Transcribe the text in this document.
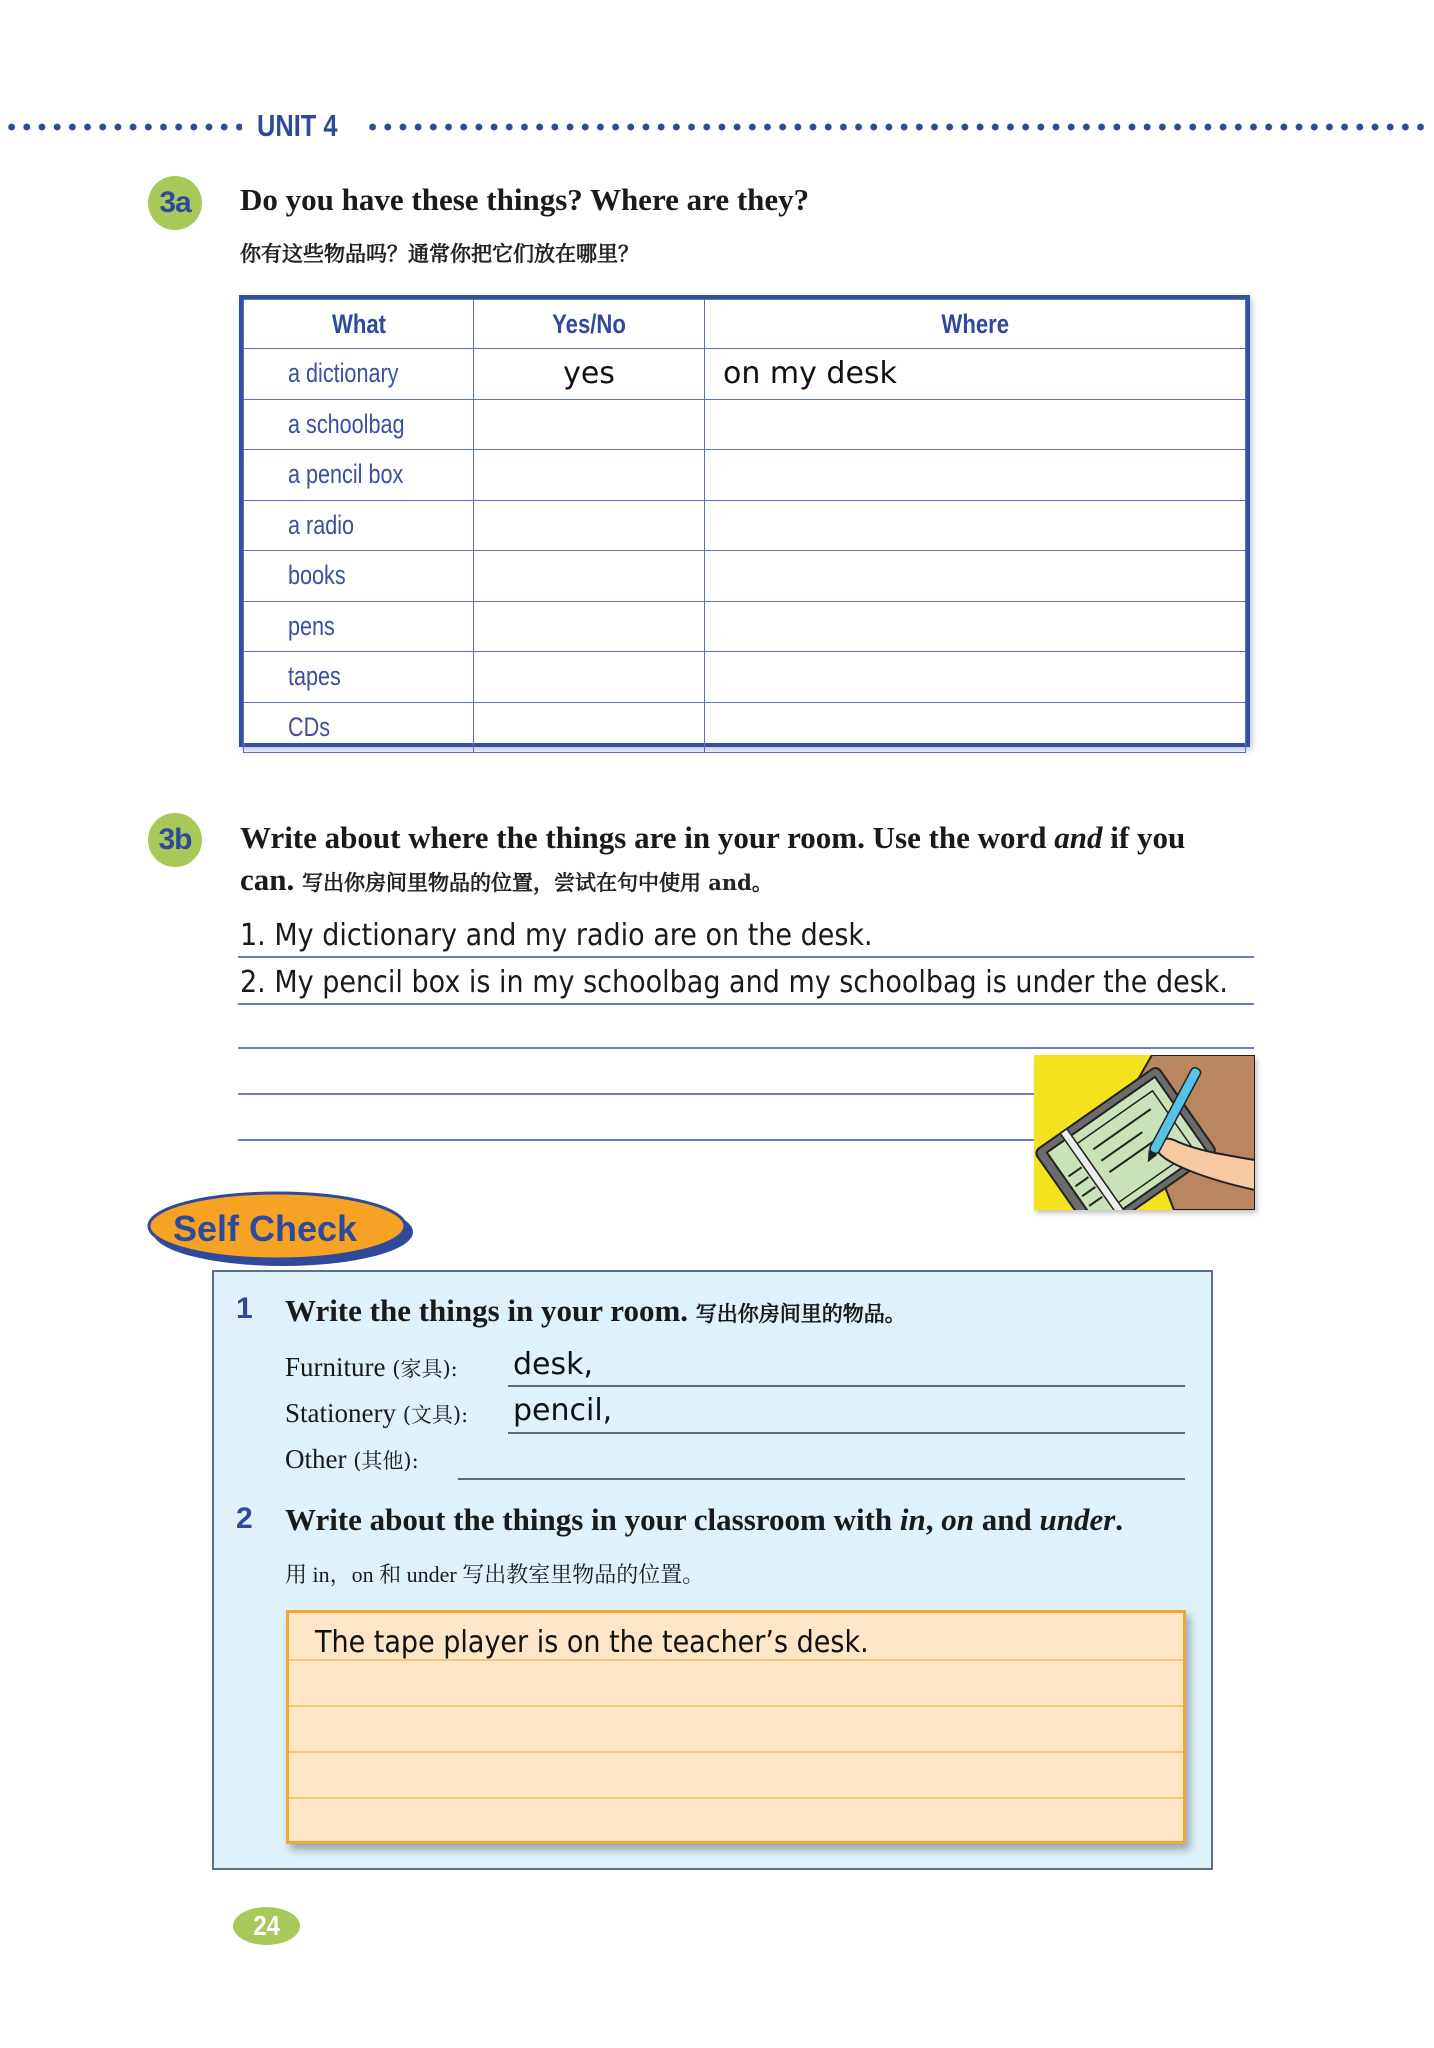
UNIT 4
3a Do you have these things? Where are they?
你有这些物品吗？通常你把它们放在哪里？
What	Yes/No	Where
a dictionary	yes	on my desk
a schoolbag		
a pencil box		
a radio		
books		
pens		
tapes		
CDs		
3b Write about where the things are in your room. Use the word and if you
can. 写出你房间里物品的位置，尝试在句中使用 and。
1. My dictionary and my radio are on the desk.
2. My pencil box is in my schoolbag and my schoolbag is under the desk.
Self Check
1 Write the things in your room. 写出你房间里的物品。
Furniture (家具): desk,
Stationery (文具): pencil,
Other (其他):
2 Write about the things in your classroom with in, on and under.
用 in，on 和 under 写出教室里物品的位置。
The tape player is on the teacher’s desk.
24
